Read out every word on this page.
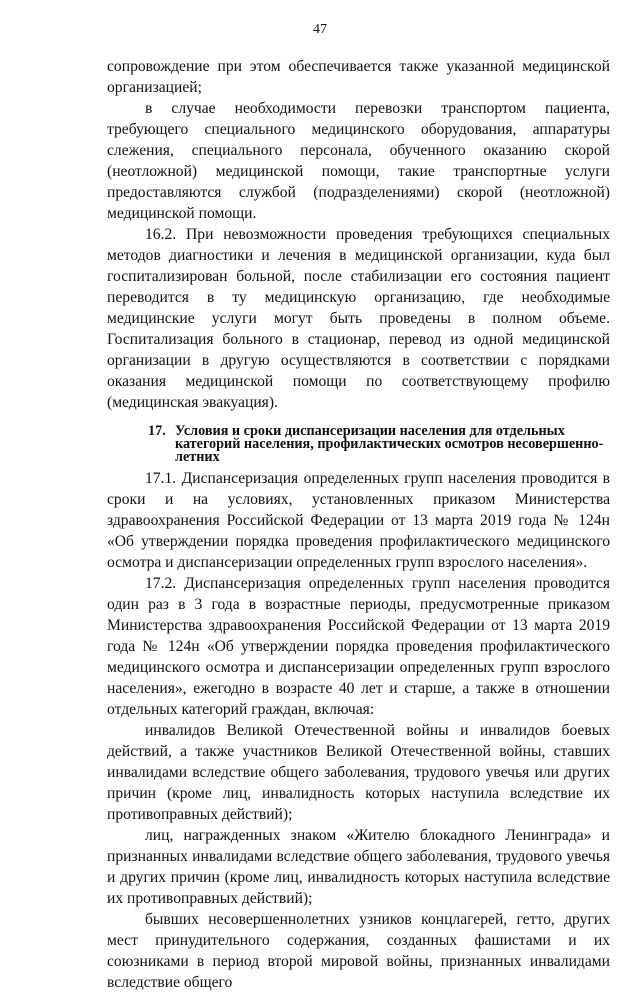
47

сопровождение при этом обеспечивается также указанной медицинской организацией;

в случае необходимости перевозки транспортом пациента, требующего специального медицинского оборудования, аппаратуры слежения, специального персонала, обученного оказанию скорой (неотложной) медицинской помощи, такие транспортные услуги предоставляются службой (подразделениями) скорой (неотложной) медицинской помощи.

16.2. При невозможности проведения требующихся специальных методов диагностики и лечения в медицинской организации, куда был госпитализирован больной, после стабилизации его состояния пациент переводится в ту медицинскую организацию, где необходимые медицинские услуги могут быть проведены в полном объеме. Госпитализация больного в стационар, перевод из одной медицинской организации в другую осуществляются в соответствии с порядками оказания медицинской помощи по соответствующему профилю (медицинская эвакуация).

17. Условия и сроки диспансеризации населения для отдельных категорий населения, профилактических осмотров несовершенно-летних

17.1. Диспансеризация определенных групп населения проводится в сроки и на условиях, установленных приказом Министерства здравоохранения Российской Федерации от 13 марта 2019 года № 124н «Об утверждении порядка проведения профилактического медицинского осмотра и диспансеризации определенных групп взрослого населения».

17.2. Диспансеризация определенных групп населения проводится один раз в 3 года в возрастные периоды, предусмотренные приказом Министерства здравоохранения Российской Федерации от 13 марта 2019 года № 124н «Об утверждении порядка проведения профилактического медицинского осмотра и диспансеризации определенных групп взрослого населения», ежегодно в возрасте 40 лет и старше, а также в отношении отдельных категорий граждан, включая:

инвалидов Великой Отечественной войны и инвалидов боевых действий, а также участников Великой Отечественной войны, ставших инвалидами вследствие общего заболевания, трудового увечья или других причин (кроме лиц, инвалидность которых наступила вследствие их противоправных действий);

лиц, награжденных знаком «Жителю блокадного Ленинграда» и признанных инвалидами вследствие общего заболевания, трудового увечья и других причин (кроме лиц, инвалидность которых наступила вследствие их противоправных действий);

бывших несовершеннолетних узников концлагерей, гетто, других мест принудительного содержания, созданных фашистами и их союзниками в период второй мировой войны, признанных инвалидами вследствие общего
